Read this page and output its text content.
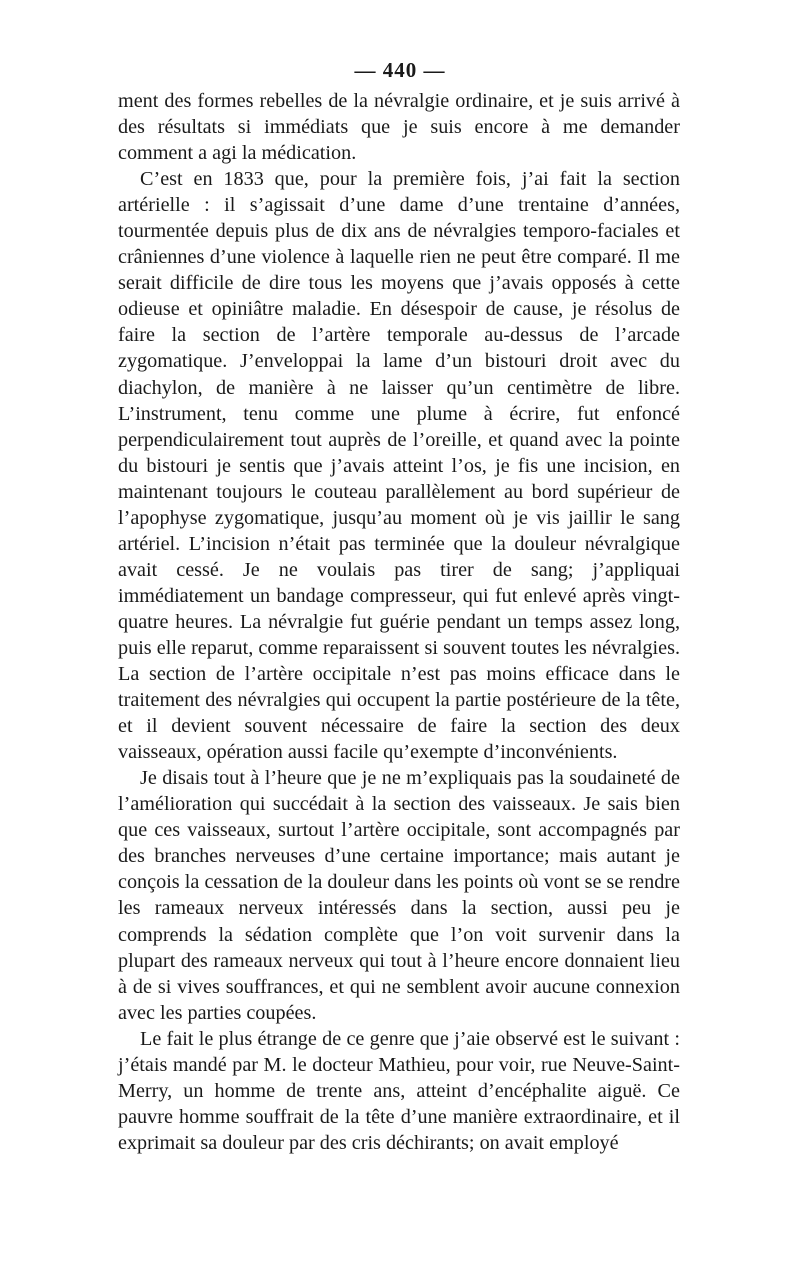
— 440 —

ment des formes rebelles de la névralgie ordinaire, et je suis arrivé à des résultats si immédiats que je suis encore à me demander comment a agi la médication.

C’est en 1833 que, pour la première fois, j’ai fait la section artérielle : il s’agissait d’une dame d’une trentaine d’années, tourmentée depuis plus de dix ans de névralgies temporo-faciales et crâniennes d’une violence à laquelle rien ne peut être comparé. Il me serait difficile de dire tous les moyens que j’avais opposés à cette odieuse et opiniâtre maladie. En désespoir de cause, je résolus de faire la section de l’artère temporale au-dessus de l’arcade zygomatique. J’enveloppai la lame d’un bistouri droit avec du diachylon, de manière à ne laisser qu’un centimètre de libre. L’instrument, tenu comme une plume à écrire, fut enfoncé perpendiculairement tout auprès de l’oreille, et quand avec la pointe du bistouri je sentis que j’avais atteint l’os, je fis une incision, en maintenant toujours le couteau parallèlement au bord supérieur de l’apophyse zygomatique, jusqu’au moment où je vis jaillir le sang artériel. L’incision n’était pas terminée que la douleur névralgique avait cessé. Je ne voulais pas tirer de sang; j’appliquai immédiatement un bandage compresseur, qui fut enlevé après vingt-quatre heures. La névralgie fut guérie pendant un temps assez long, puis elle reparut, comme reparaissent si souvent toutes les névralgies. La section de l’artère occipitale n’est pas moins efficace dans le traitement des névralgies qui occupent la partie postérieure de la tête, et il devient souvent nécessaire de faire la section des deux vaisseaux, opération aussi facile qu’exempte d’inconvénients.

Je disais tout à l’heure que je ne m’expliquais pas la soudaineté de l’amélioration qui succédait à la section des vaisseaux. Je sais bien que ces vaisseaux, surtout l’artère occipitale, sont accompagnés par des branches nerveuses d’une certaine importance; mais autant je conçois la cessation de la douleur dans les points où vont se se rendre les rameaux nerveux intéressés dans la section, aussi peu je comprends la sédation complète que l’on voit survenir dans la plupart des rameaux nerveux qui tout à l’heure encore donnaient lieu à de si vives souffrances, et qui ne semblent avoir aucune connexion avec les parties coupées.

Le fait le plus étrange de ce genre que j’aie observé est le suivant : j’étais mandé par M. le docteur Mathieu, pour voir, rue Neuve-Saint-Merry, un homme de trente ans, atteint d’encéphalite aiguë. Ce pauvre homme souffrait de la tête d’une manière extraordinaire, et il exprimait sa douleur par des cris déchirants; on avait employé
